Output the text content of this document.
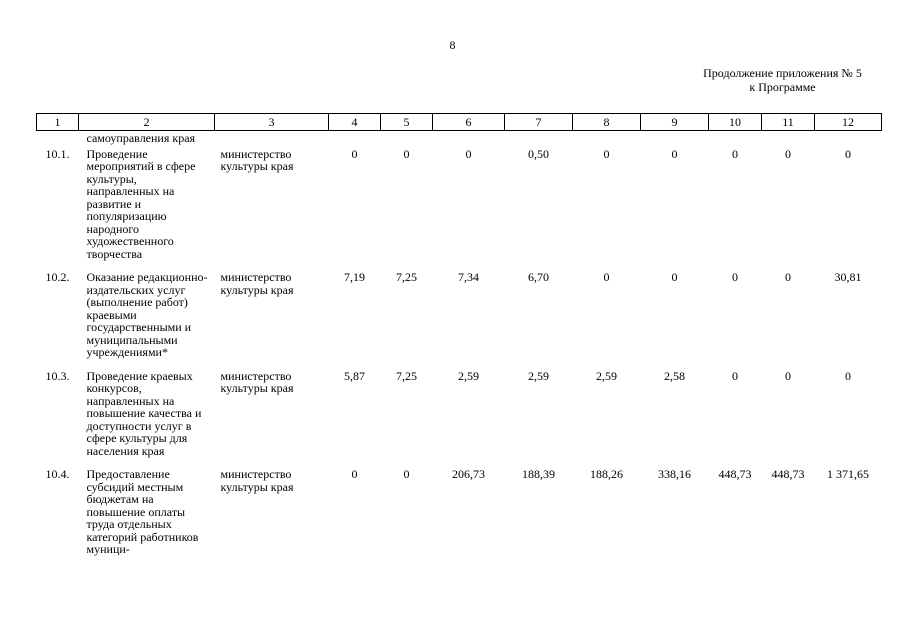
8
Продолжение приложения № 5
к Программе
1	2	3	4	5	6	7	8	9	10	11	12
	самоуправления края										
10.1.	Проведение мероприятий в сфере культуры, направленных на развитие и популяризацию народного художественного творчества	министерство культуры края	0	0	0	0,50	0	0	0	0	0
10.2.	Оказание редакционно-издательских услуг (выполнение работ) краевыми государственными и муниципальными учреждениями*	министерство культуры края	7,19	7,25	7,34	6,70	0	0	0	0	30,81
10.3.	Проведение краевых конкурсов, направленных на повышение качества и доступности услуг в сфере культуры для населения края	министерство культуры края	5,87	7,25	2,59	2,59	2,59	2,58	0	0	0
10.4.	Предоставление субсидий местным бюджетам на повышение оплаты труда отдельных категорий работников муници-	министерство культуры края	0	0	206,73	188,39	188,26	338,16	448,73	448,73	1 371,65
